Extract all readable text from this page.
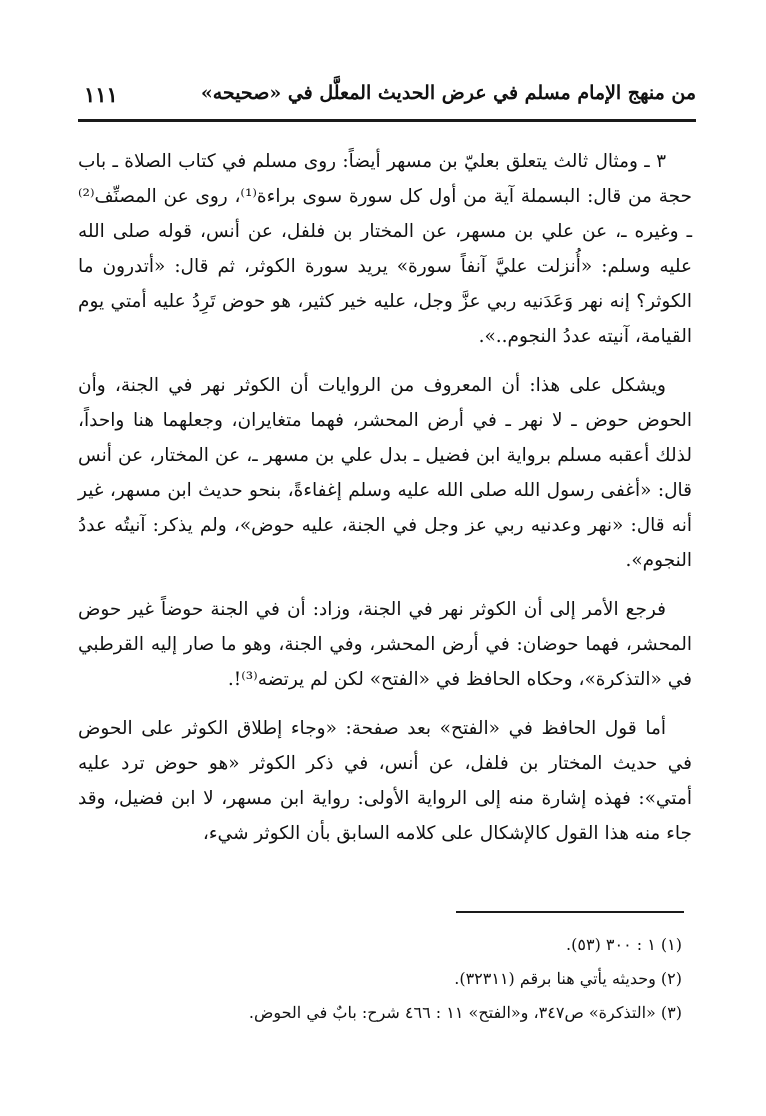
من منهج الإمام مسلم في عرض الحديث المعلَّل في «صحيحه»
١١١

٣ ـ ومثال ثالث يتعلق بعليّ بن مسهر أيضاً: روى مسلم في كتاب الصلاة ـ باب حجة من قال: البسملة آية من أول كل سورة سوى براءة⁽¹⁾، روى عن المصنِّف⁽²⁾ ـ وغيره ـ، عن علي بن مسهر، عن المختار بن فلفل، عن أنس، قوله صلى الله عليه وسلم: «أُنزلت عليَّ آنفاً سورة» يريد سورة الكوثر، ثم قال: «أتدرون ما الكوثر؟ إنه نهر وَعَدَنيه ربي عزَّ وجل، عليه خير كثير، هو حوض تَرِدُ عليه أمتي يوم القيامة، آنيته عددُ النجوم..».

ويشكل على هذا: أن المعروف من الروايات أن الكوثر نهر في الجنة، وأن الحوض حوض ـ لا نهر ـ في أرض المحشر، فهما متغايران، وجعلهما هنا واحداً، لذلك أعقبه مسلم برواية ابن فضيل ـ بدل علي بن مسهر ـ، عن المختار، عن أنس قال: «أغفى رسول الله صلى الله عليه وسلم إغفاءةً، بنحو حديث ابن مسهر، غير أنه قال: «نهر وعدنيه ربي عز وجل في الجنة، عليه حوض»، ولم يذكر: آنيتُه عددُ النجوم».

فرجع الأمر إلى أن الكوثر نهر في الجنة، وزاد: أن في الجنة حوضاً غير حوض المحشر، فهما حوضان: في أرض المحشر، وفي الجنة، وهو ما صار إليه القرطبي في «التذكرة»، وحكاه الحافظ في «الفتح» لكن لم يرتضه⁽³⁾!.

أما قول الحافظ في «الفتح» بعد صفحة: «وجاء إطلاق الكوثر على الحوض في حديث المختار بن فلفل، عن أنس، في ذكر الكوثر «هو حوض ترد عليه أمتي»: فهذه إشارة منه إلى الرواية الأولى: رواية ابن مسهر، لا ابن فضيل، وقد جاء منه هذا القول كالإشكال على كلامه السابق بأن الكوثر شيء،

(١) ١ : ٣٠٠ (٥٣).
(٢) وحديثه يأتي هنا برقم (٣٢٣١١).
(٣) «التذكرة» ص٣٤٧، و«الفتح» ١١ : ٤٦٦ شرح: بابٌ في الحوض.
